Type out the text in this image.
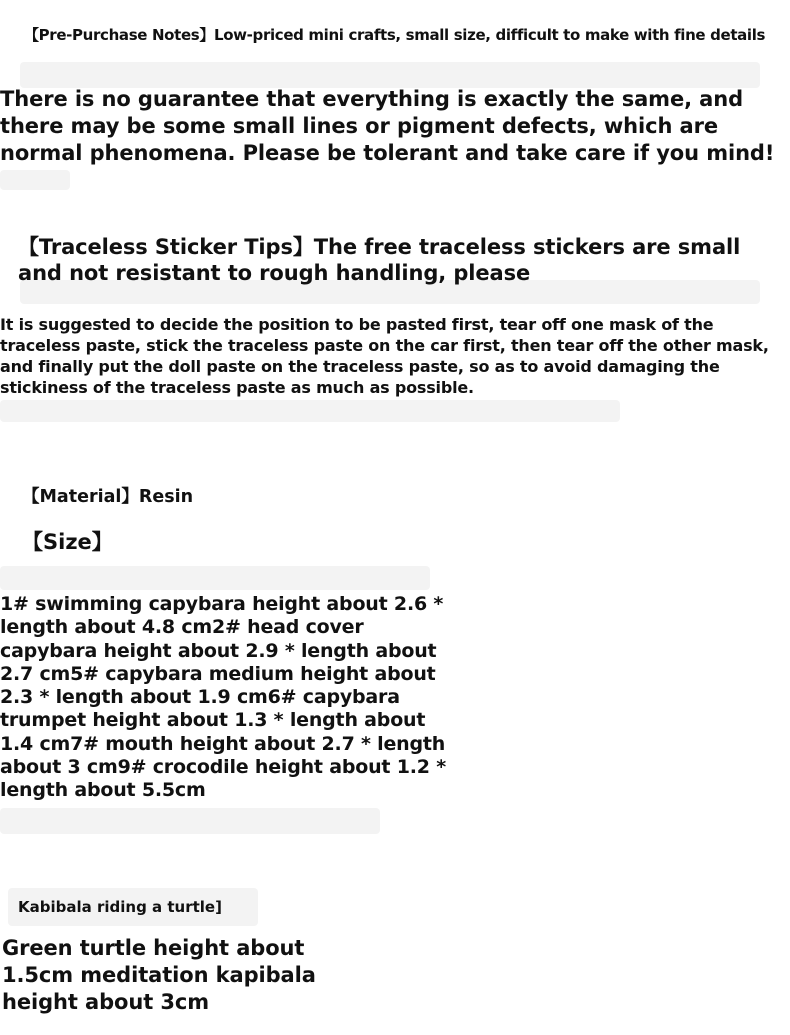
【Pre-Purchase Notes】Low-priced mini crafts, small size, difficult to make with fine details

There is no guarantee that everything is exactly the same, and there may be some small lines or pigment defects, which are normal phenomena. Please be tolerant and take care if you mind!

【Traceless Sticker Tips】The free traceless stickers are small and not resistant to rough handling, please

It is suggested to decide the position to be pasted first, tear off one mask of the traceless paste, stick the traceless paste on the car first, then tear off the other mask, and finally put the doll paste on the traceless paste, so as to avoid damaging the stickiness of the traceless paste as much as possible.

【Material】Resin

【Size】

1# swimming capybara height about 2.6 * length about 4.8 cm2# head cover capybara height about 2.9 * length about 2.7 cm5# capybara medium height about 2.3 * length about 1.9 cm6# capybara trumpet height about 1.3 * length about 1.4 cm7# mouth height about 2.7 * length about 3 cm9# crocodile height about 1.2 * length about 5.5cm

Kabibala riding a turtle]

Green turtle height about 1.5cm meditation kapibala height about 3cm
